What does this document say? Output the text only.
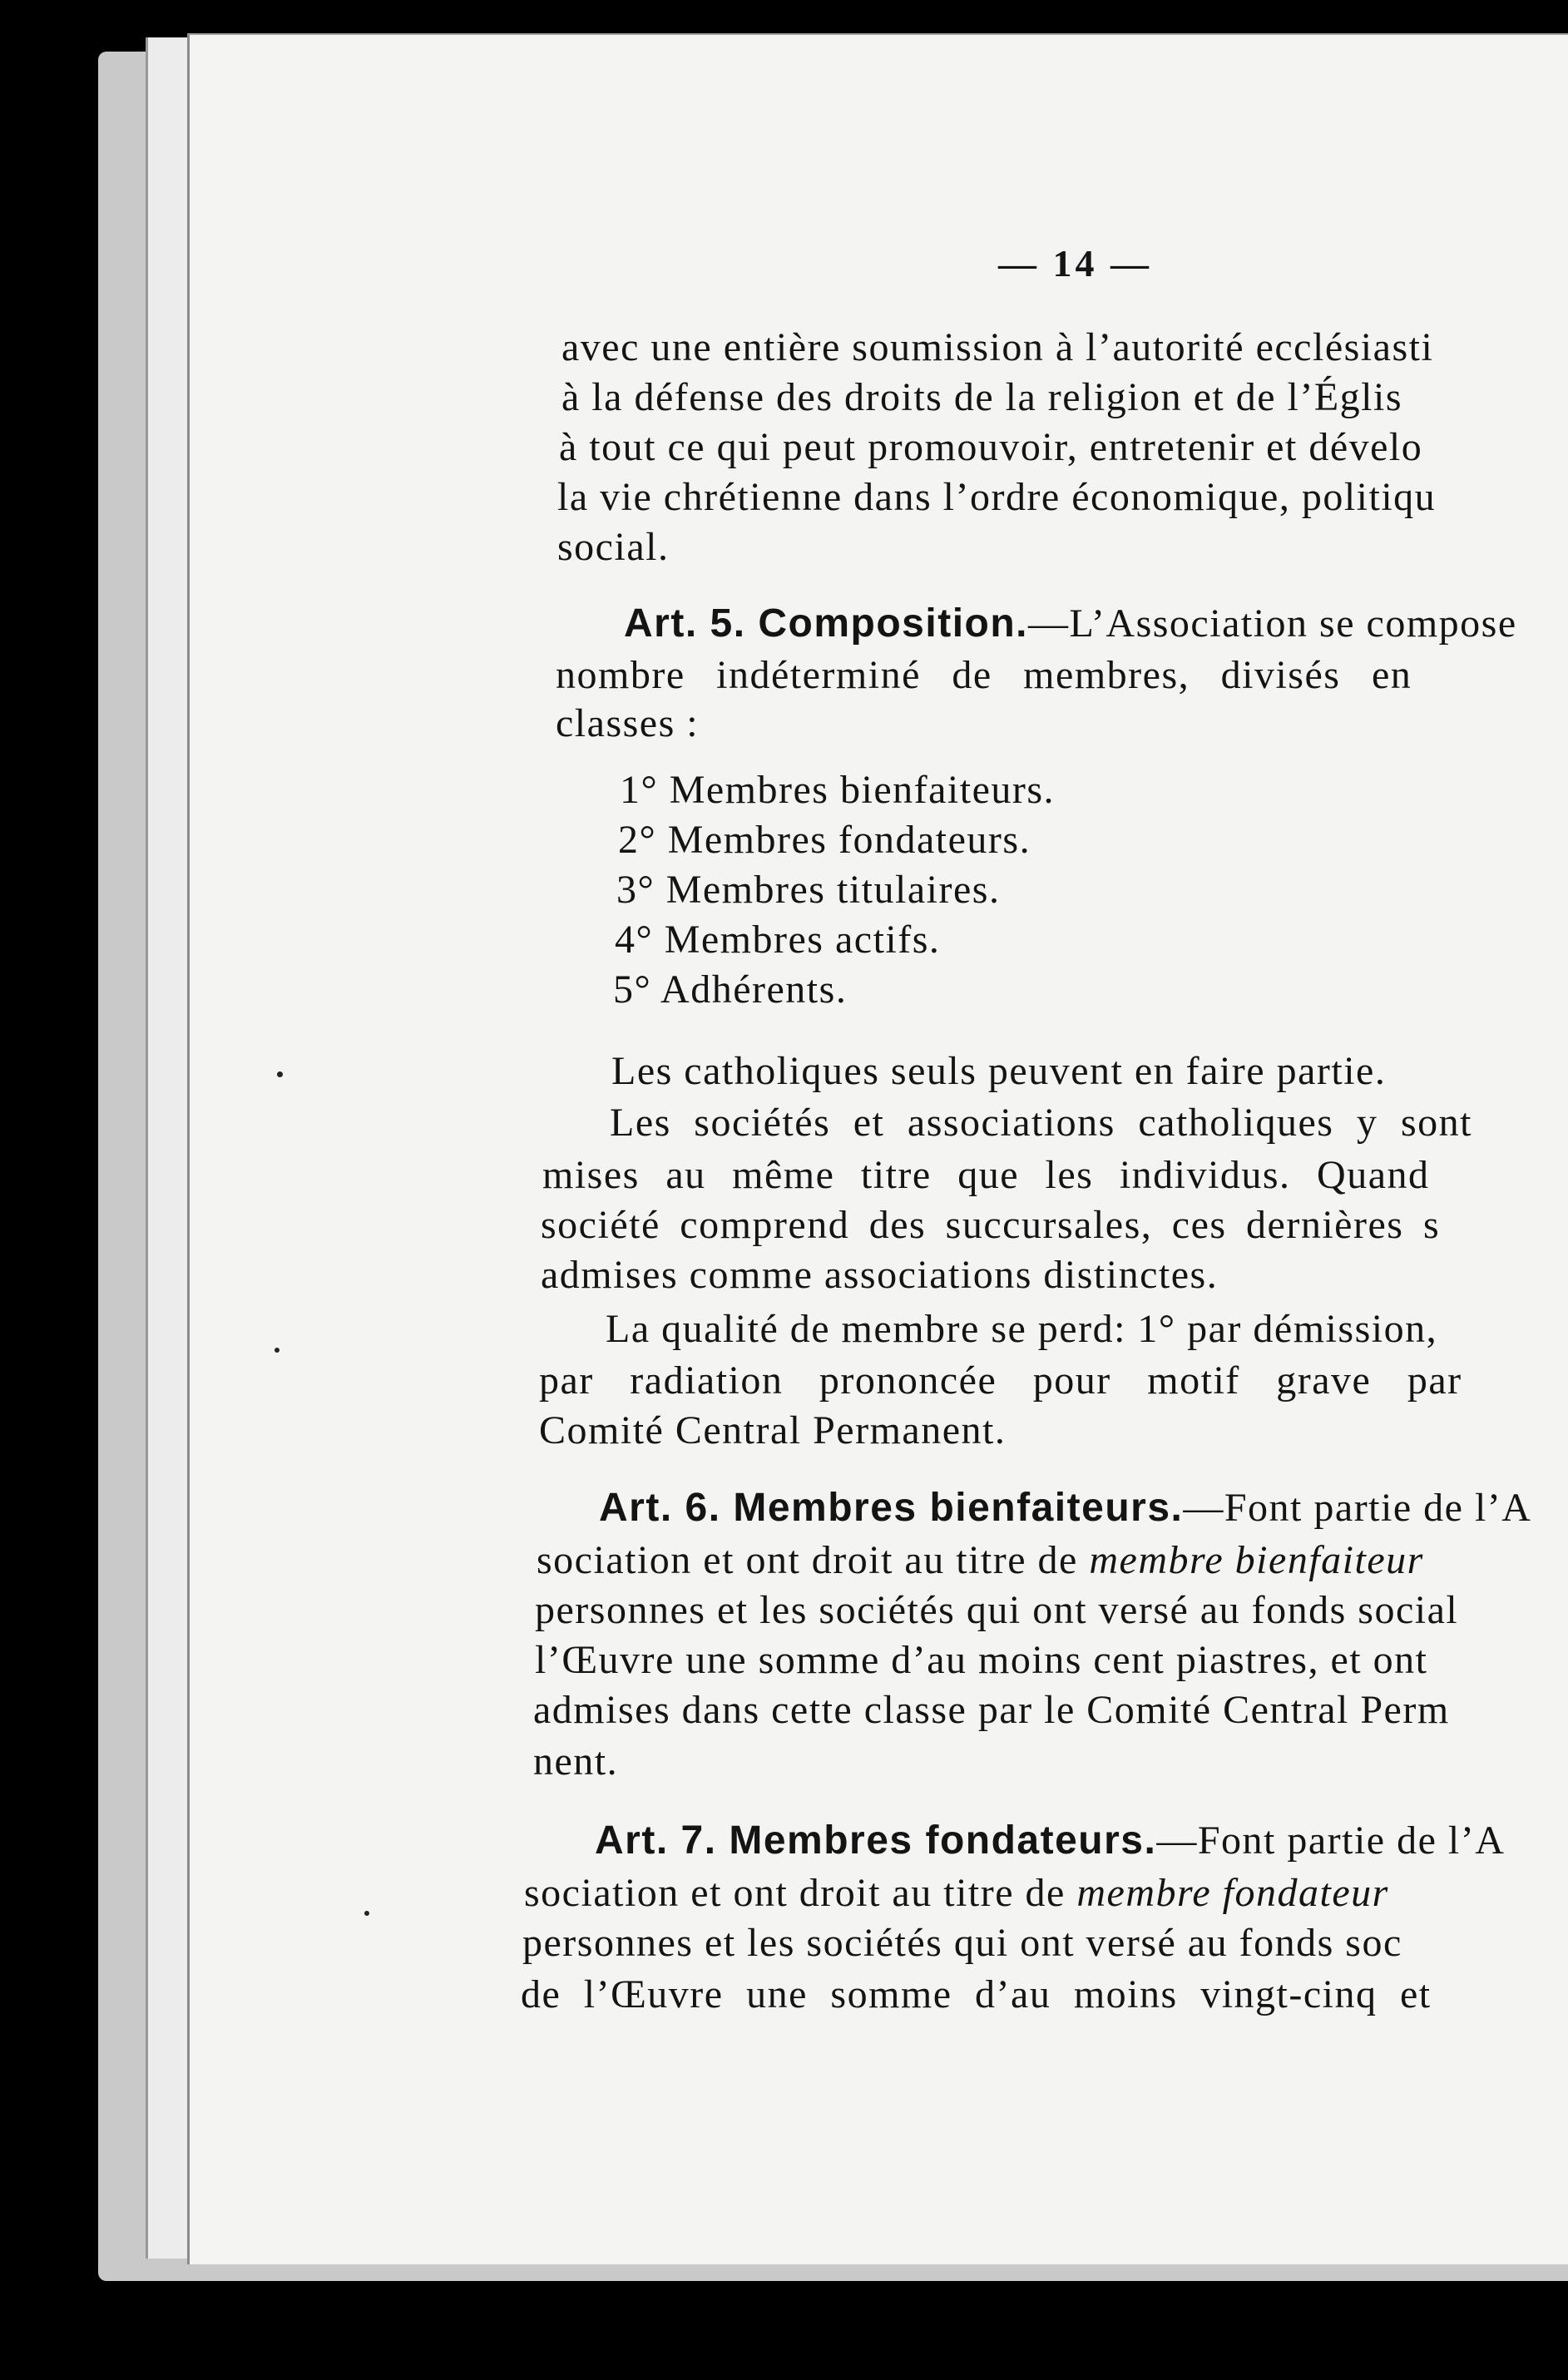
— 14 —
avec une entière soumission à l’autorité ecclésiasti
à la défense des droits de la religion et de l’Églis
à tout ce qui peut promouvoir, entretenir et dévelo
la vie chrétienne dans l’ordre économique, politiqu
social.
Art. 5. Composition.—L’Association se compose
nombre indéterminé de membres, divisés en
classes :
1° Membres bienfaiteurs.
2° Membres fondateurs.
3° Membres titulaires.
4° Membres actifs.
5° Adhérents.
Les catholiques seuls peuvent en faire partie.
Les sociétés et associations catholiques y sont
mises au même titre que les individus. Quand
société comprend des succursales, ces dernières s
admises comme associations distinctes.
La qualité de membre se perd: 1° par démission,
par radiation prononcée pour motif grave par
Comité Central Permanent.
Art. 6. Membres bienfaiteurs.—Font partie de l’A
sociation et ont droit au titre de membre bienfaiteur
personnes et les sociétés qui ont versé au fonds social
l’Œuvre une somme d’au moins cent piastres, et ont
admises dans cette classe par le Comité Central Perm
nent.
Art. 7. Membres fondateurs.—Font partie de l’A
sociation et ont droit au titre de membre fondateur
personnes et les sociétés qui ont versé au fonds soc
de l’Œuvre une somme d’au moins vingt-cinq et
